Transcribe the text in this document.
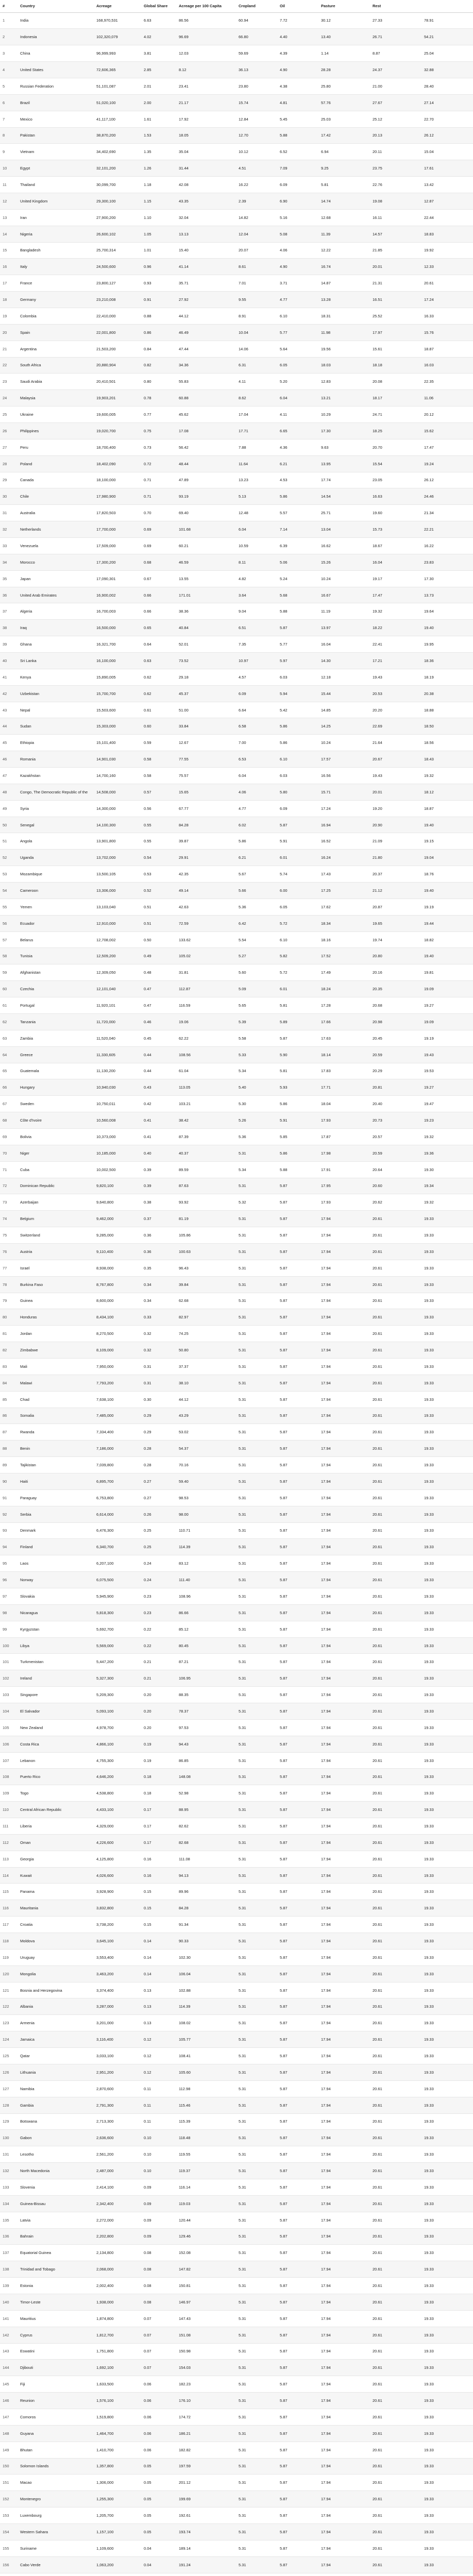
#	Country	Acreage	Global Share	Acreage per 100 Capita	Cropland	Oil	Pasture	Rest	
1	India	168,970,531	6.63	86.56	60.94	7.72	30.12	27.33	78.91
2	Indonesia	102,320,079	4.02	96.69	66.80	4.40	13.40	26.71	54.21
3	China	96,999,993	3.81	12.03	59.69	4.39	1.14	8.87	25.04
4	United States	72,606,365	2.85	8.12	36.13	4.90	28.28	24.37	32.88
5	Russian Federation	51,101,087	2.01	23.41	23.80	4.38	25.80	21.00	28.40
6	Brazil	51,020,100	2.00	21.17	15.74	4.81	57.76	27.67	27.14
7	Mexico	41,117,100	1.61	17.92	12.84	5.45	25.03	25.12	22.70
8	Pakistan	38,870,200	1.53	18.05	12.70	5.88	17.42	20.13	26.12
9	Vietnam	34,402,690	1.35	35.04	10.12	6.52	6.94	20.11	15.04
10	Egypt	32,101,200	1.26	31.44	4.51	7.09	9.25	23.75	17.61
11	Thailand	30,099,700	1.18	42.08	16.22	6.09	5.81	22.76	13.42
12	United Kingdom	29,300,100	1.15	43.35	2.39	6.90	14.74	19.08	12.87
13	Iran	27,900,200	1.10	32.04	14.82	5.16	12.68	16.11	22.44
14	Nigeria	26,600,102	1.05	13.13	12.04	5.08	11.39	14.57	18.83
15	Bangladesh	25,700,314	1.01	15.40	20.07	4.06	12.22	21.85	19.92
16	Italy	24,500,600	0.96	41.14	8.61	4.90	16.74	20.01	12.33
17	France	23,800,127	0.93	35.71	7.01	3.71	14.87	21.31	20.61
18	Germany	23,210,008	0.91	27.92	9.55	4.77	13.28	16.51	17.24
19	Colombia	22,410,000	0.88	44.12	8.91	6.10	18.31	25.52	16.33
20	Spain	22,001,800	0.86	46.49	10.04	5.77	11.98	17.97	15.76
21	Argentina	21,503,200	0.84	47.44	14.06	5.64	19.56	15.61	18.87
22	South Africa	20,880,904	0.82	34.36	6.31	6.05	18.03	18.18	16.03
23	Saudi Arabia	20,410,501	0.80	55.83	4.11	5.20	12.83	20.08	22.35
24	Malaysia	19,903,201	0.78	60.88	8.62	6.04	13.21	18.17	11.06
25	Ukraine	19,600,005	0.77	45.62	17.04	4.11	10.29	24.71	20.12
26	Philippines	19,020,700	0.75	17.08	17.71	6.65	17.30	18.25	15.62
27	Peru	18,700,400	0.73	56.42	7.88	4.36	9.63	20.70	17.47
28	Poland	18,402,090	0.72	48.44	11.64	6.21	13.95	15.54	19.24
29	Canada	18,100,000	0.71	47.89	13.23	4.53	17.74	23.05	26.12
30	Chile	17,980,900	0.71	93.19	5.13	5.86	14.54	16.63	24.46
31	Australia	17,820,503	0.70	69.40	12.48	5.57	25.71	19.60	21.34
32	Netherlands	17,700,000	0.69	101.68	6.04	7.14	13.04	15.73	22.21
33	Venezuela	17,509,000	0.69	60.21	10.59	6.39	16.62	18.67	16.22
34	Morocco	17,300,200	0.68	46.59	8.11	5.06	15.26	16.04	23.83
35	Japan	17,090,301	0.67	13.55	4.82	5.24	10.24	19.17	17.30
36	United Arab Emirates	16,900,002	0.66	171.01	3.64	5.68	16.67	17.47	13.73
37	Algeria	16,700,003	0.66	38.36	9.04	5.88	11.19	19.32	19.64
38	Iraq	16,500,000	0.65	40.84	6.51	5.87	13.97	18.22	19.40
39	Ghana	16,321,700	0.64	52.01	7.35	5.77	16.04	22.41	19.95
40	Sri Lanka	16,100,000	0.63	73.52	10.97	5.97	14.30	17.21	18.36
41	Kenya	15,890,005	0.62	29.18	4.57	6.03	12.18	19.43	18.19
42	Uzbekistan	15,700,700	0.62	45.37	6.09	5.94	15.44	20.53	20.38
43	Nepal	15,503,600	0.61	51.00	6.64	5.42	14.85	20.20	18.88
44	Sudan	15,303,000	0.60	33.84	6.58	5.86	14.25	22.69	18.50
45	Ethiopia	15,101,400	0.59	12.67	7.00	5.86	10.24	21.64	18.56
46	Romania	14,901,030	0.58	77.55	6.53	6.10	17.57	20.67	18.43
47	Kazakhstan	14,700,160	0.58	75.57	6.04	6.03	16.56	19.43	19.32
48	Congo, The Democratic Republic of the	14,508,000	0.57	15.65	4.06	5.80	15.71	20.01	18.12
49	Syria	14,300,000	0.56	67.77	4.77	6.09	17.24	19.20	18.87
50	Senegal	14,100,300	0.55	84.28	6.02	5.87	16.94	20.90	19.40
51	Angola	13,901,800	0.55	39.87	5.86	5.91	16.52	21.09	19.15
52	Uganda	13,702,000	0.54	29.91	6.21	6.01	16.24	21.80	19.04
53	Mozambique	13,500,105	0.53	42.35	5.67	5.74	17.43	20.37	18.76
54	Cameroon	13,306,000	0.52	49.14	5.66	6.00	17.25	21.12	19.40
55	Yemen	13,103,040	0.51	42.63	5.36	6.05	17.62	20.87	19.19
56	Ecuador	12,910,000	0.51	72.59	6.42	5.72	18.34	19.65	19.44
57	Belarus	12,708,002	0.50	133.62	5.54	6.10	18.16	19.74	18.82
58	Tunisia	12,509,200	0.49	105.02	5.27	5.82	17.52	20.80	19.40
59	Afghanistan	12,309,050	0.48	31.81	5.60	5.72	17.49	20.16	19.81
60	Czechia	12,101,040	0.47	112.87	5.09	6.01	18.24	20.35	19.09
61	Portugal	11,920,101	0.47	116.59	5.65	5.81	17.28	20.68	19.27
62	Tanzania	11,720,000	0.46	19.06	5.39	5.89	17.66	20.98	19.09
63	Zambia	11,520,040	0.45	62.22	5.58	5.87	17.63	20.45	19.19
64	Greece	11,330,605	0.44	108.56	5.33	5.90	18.14	20.59	19.43
65	Guatemala	11,130,200	0.44	61.04	5.34	5.81	17.83	20.29	19.53
66	Hungary	10,940,030	0.43	113.05	5.40	5.93	17.71	20.81	19.27
67	Sweden	10,750,011	0.42	103.21	5.30	5.86	18.04	20.40	19.47
68	Côte d'Ivoire	10,560,008	0.41	38.42	5.26	5.91	17.93	20.73	19.23
69	Bolivia	10,373,000	0.41	87.39	5.36	5.85	17.87	20.57	19.32
70	Niger	10,185,000	0.40	40.37	5.31	5.86	17.98	20.59	19.36
71	Cuba	10,002,500	0.39	89.59	5.34	5.88	17.91	20.64	19.30
72	Dominican Republic	9,820,100	0.39	87.63	5.31	5.87	17.95	20.60	19.34
73	Azerbaijan	9,640,800	0.38	93.92	5.32	5.87	17.93	20.62	19.32
74	Belgium	9,462,000	0.37	81.19	5.31	5.87	17.94	20.61	19.33
75	Switzerland	9,285,000	0.36	105.86	5.31	5.87	17.94	20.61	19.33
76	Austria	9,110,400	0.36	100.63	5.31	5.87	17.94	20.61	19.33
77	Israel	8,938,000	0.35	96.43	5.31	5.87	17.94	20.61	19.33
78	Burkina Faso	8,767,800	0.34	39.84	5.31	5.87	17.94	20.61	19.33
79	Guinea	8,600,000	0.34	62.68	5.31	5.87	17.94	20.61	19.33
80	Honduras	8,434,100	0.33	82.97	5.31	5.87	17.94	20.61	19.33
81	Jordan	8,270,500	0.32	74.25	5.31	5.87	17.94	20.61	19.33
82	Zimbabwe	8,109,000	0.32	50.80	5.31	5.87	17.94	20.61	19.33
83	Mali	7,950,000	0.31	37.37	5.31	5.87	17.94	20.61	19.33
84	Malawi	7,793,200	0.31	38.10	5.31	5.87	17.94	20.61	19.33
85	Chad	7,638,100	0.30	44.12	5.31	5.87	17.94	20.61	19.33
86	Somalia	7,485,000	0.29	43.29	5.31	5.87	17.94	20.61	19.33
87	Rwanda	7,334,400	0.29	53.02	5.31	5.87	17.94	20.61	19.33
88	Benin	7,186,000	0.28	54.37	5.31	5.87	17.94	20.61	19.33
89	Tajikistan	7,039,800	0.28	70.16	5.31	5.87	17.94	20.61	19.33
90	Haiti	6,895,700	0.27	59.40	5.31	5.87	17.94	20.61	19.33
91	Paraguay	6,753,800	0.27	98.53	5.31	5.87	17.94	20.61	19.33
92	Serbia	6,614,000	0.26	98.00	5.31	5.87	17.94	20.61	19.33
93	Denmark	6,476,300	0.25	110.71	5.31	5.87	17.94	20.61	19.33
94	Finland	6,340,700	0.25	114.39	5.31	5.87	17.94	20.61	19.33
95	Laos	6,207,100	0.24	83.12	5.31	5.87	17.94	20.61	19.33
96	Norway	6,075,500	0.24	111.40	5.31	5.87	17.94	20.61	19.33
97	Slovakia	5,945,900	0.23	108.96	5.31	5.87	17.94	20.61	19.33
98	Nicaragua	5,818,300	0.23	86.66	5.31	5.87	17.94	20.61	19.33
99	Kyrgyzstan	5,692,700	0.22	85.12	5.31	5.87	17.94	20.61	19.33
100	Libya	5,569,000	0.22	80.45	5.31	5.87	17.94	20.61	19.33
101	Turkmenistan	5,447,200	0.21	87.21	5.31	5.87	17.94	20.61	19.33
102	Ireland	5,327,300	0.21	106.95	5.31	5.87	17.94	20.61	19.33
103	Singapore	5,209,300	0.20	88.35	5.31	5.87	17.94	20.61	19.33
104	El Salvador	5,093,100	0.20	78.37	5.31	5.87	17.94	20.61	19.33
105	New Zealand	4,978,700	0.20	97.53	5.31	5.87	17.94	20.61	19.33
106	Costa Rica	4,866,100	0.19	94.43	5.31	5.87	17.94	20.61	19.33
107	Lebanon	4,755,300	0.19	86.85	5.31	5.87	17.94	20.61	19.33
108	Puerto Rico	4,646,200	0.18	148.08	5.31	5.87	17.94	20.61	19.33
109	Togo	4,538,800	0.18	52.98	5.31	5.87	17.94	20.61	19.33
110	Central African Republic	4,433,100	0.17	88.95	5.31	5.87	17.94	20.61	19.33
111	Liberia	4,329,000	0.17	82.62	5.31	5.87	17.94	20.61	19.33
112	Oman	4,226,600	0.17	82.68	5.31	5.87	17.94	20.61	19.33
113	Georgia	4,125,800	0.16	111.08	5.31	5.87	17.94	20.61	19.33
114	Kuwait	4,026,600	0.16	94.13	5.31	5.87	17.94	20.61	19.33
115	Panama	3,928,900	0.15	89.96	5.31	5.87	17.94	20.61	19.33
116	Mauritania	3,832,800	0.15	84.28	5.31	5.87	17.94	20.61	19.33
117	Croatia	3,738,200	0.15	91.34	5.31	5.87	17.94	20.61	19.33
118	Moldova	3,645,100	0.14	90.33	5.31	5.87	17.94	20.61	19.33
119	Uruguay	3,553,400	0.14	102.30	5.31	5.87	17.94	20.61	19.33
120	Mongolia	3,463,200	0.14	106.04	5.31	5.87	17.94	20.61	19.33
121	Bosnia and Herzegovina	3,374,400	0.13	102.88	5.31	5.87	17.94	20.61	19.33
122	Albania	3,287,000	0.13	114.39	5.31	5.87	17.94	20.61	19.33
123	Armenia	3,201,000	0.13	108.02	5.31	5.87	17.94	20.61	19.33
124	Jamaica	3,116,400	0.12	105.77	5.31	5.87	17.94	20.61	19.33
125	Qatar	3,033,100	0.12	108.41	5.31	5.87	17.94	20.61	19.33
126	Lithuania	2,951,200	0.12	105.60	5.31	5.87	17.94	20.61	19.33
127	Namibia	2,870,600	0.11	112.98	5.31	5.87	17.94	20.61	19.33
128	Gambia	2,791,300	0.11	115.46	5.31	5.87	17.94	20.61	19.33
129	Botswana	2,713,300	0.11	115.39	5.31	5.87	17.94	20.61	19.33
130	Gabon	2,636,600	0.10	118.48	5.31	5.87	17.94	20.61	19.33
131	Lesotho	2,561,200	0.10	119.55	5.31	5.87	17.94	20.61	19.33
132	North Macedonia	2,487,000	0.10	119.37	5.31	5.87	17.94	20.61	19.33
133	Slovenia	2,414,100	0.09	116.14	5.31	5.87	17.94	20.61	19.33
134	Guinea-Bissau	2,342,400	0.09	119.03	5.31	5.87	17.94	20.61	19.33
135	Latvia	2,272,000	0.09	120.44	5.31	5.87	17.94	20.61	19.33
136	Bahrain	2,202,800	0.09	129.46	5.31	5.87	17.94	20.61	19.33
137	Equatorial Guinea	2,134,800	0.08	152.08	5.31	5.87	17.94	20.61	19.33
138	Trinidad and Tobago	2,068,000	0.08	147.82	5.31	5.87	17.94	20.61	19.33
139	Estonia	2,002,400	0.08	150.81	5.31	5.87	17.94	20.61	19.33
140	Timor-Leste	1,938,000	0.08	146.97	5.31	5.87	17.94	20.61	19.33
141	Mauritius	1,874,800	0.07	147.43	5.31	5.87	17.94	20.61	19.33
142	Cyprus	1,812,700	0.07	151.08	5.31	5.87	17.94	20.61	19.33
143	Eswatini	1,751,800	0.07	150.98	5.31	5.87	17.94	20.61	19.33
144	Djibouti	1,692,100	0.07	154.03	5.31	5.87	17.94	20.61	19.33
145	Fiji	1,633,500	0.06	182.23	5.31	5.87	17.94	20.61	19.33
146	Reunion	1,576,100	0.06	176.10	5.31	5.87	17.94	20.61	19.33
147	Comoros	1,519,800	0.06	174.72	5.31	5.87	17.94	20.61	19.33
148	Guyana	1,464,700	0.06	186.21	5.31	5.87	17.94	20.61	19.33
149	Bhutan	1,410,700	0.06	182.82	5.31	5.87	17.94	20.61	19.33
150	Solomon Islands	1,357,800	0.05	197.59	5.31	5.87	17.94	20.61	19.33
151	Macao	1,306,000	0.05	201.12	5.31	5.87	17.94	20.61	19.33
152	Montenegro	1,255,300	0.05	199.69	5.31	5.87	17.94	20.61	19.33
153	Luxembourg	1,205,700	0.05	192.61	5.31	5.87	17.94	20.61	19.33
154	Western Sahara	1,157,100	0.05	193.74	5.31	5.87	17.94	20.61	19.33
155	Suriname	1,109,600	0.04	189.14	5.31	5.87	17.94	20.61	19.33
156	Cabo Verde	1,063,200	0.04	191.24	5.31	5.87	17.94	20.61	19.33
